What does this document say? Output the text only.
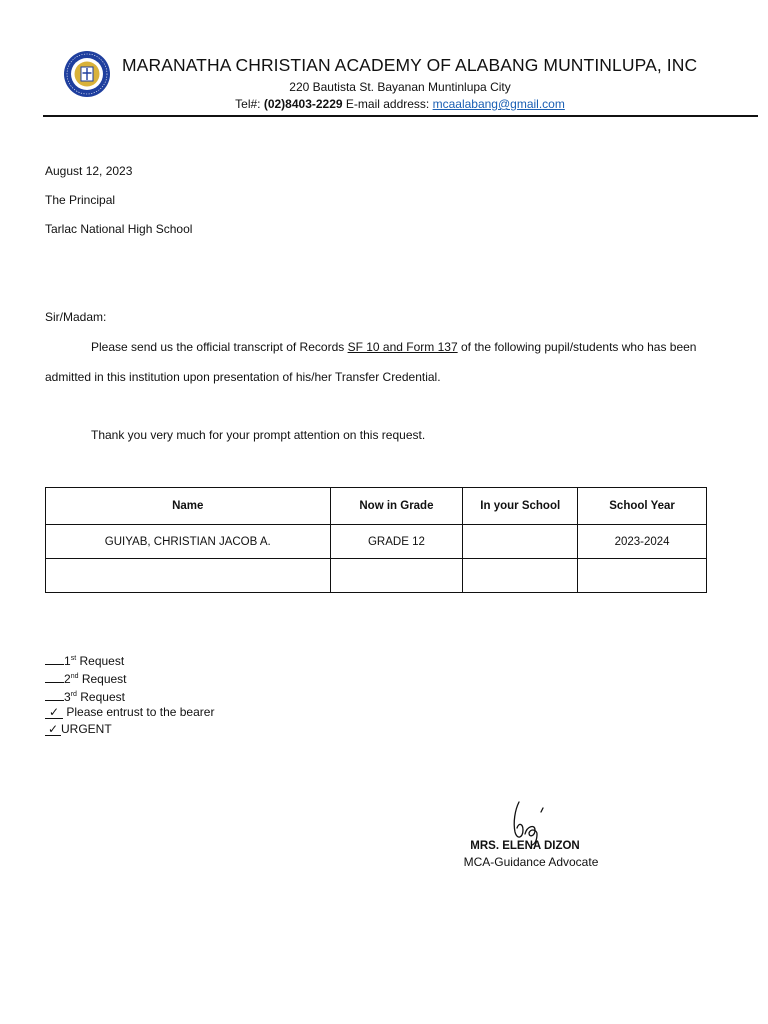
MARANATHA CHRISTIAN ACADEMY OF ALABANG MUNTINLUPA, INC
220 Bautista St. Bayanan Muntinlupa City
Tel#: (02)8403-2229 E-mail address: mcaalabang@gmail.com
August 12, 2023
The Principal
Tarlac National High School
Sir/Madam:
Please send us the official transcript of Records SF 10 and Form 137 of the following pupil/students who has been
admitted in this institution upon presentation of his/her Transfer Credential.
Thank you very much for your prompt attention on this request.
Name	Now in Grade	In your School	School Year
GUIYAB, CHRISTIAN JACOB A.	GRADE 12		2023-2024

1st Request
2nd Request
3rd Request
✓ Please entrust to the bearer
✓ URGENT
MRS. ELENA DIZON
MCA-Guidance Advocate
